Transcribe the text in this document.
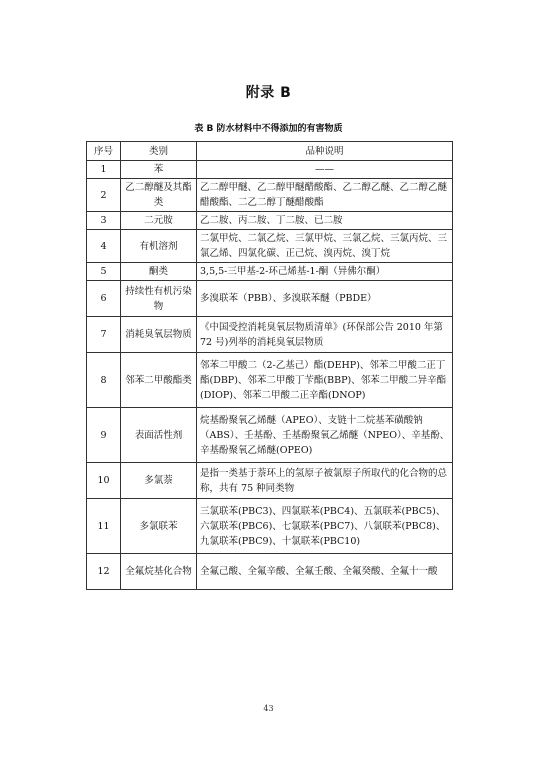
附录 B
表 B 防水材料中不得添加的有害物质
序号	类别	品种说明
1	苯	——
2	乙二醇醚及其酯类	乙二醇甲醚、乙二醇甲醚醋酸酯、乙二醇乙醚、乙二醇乙醚醋酸酯、二乙二醇丁醚醋酸酯
3	二元胺	乙二胺、丙二胺、丁二胺、已二胺
4	有机溶剂	二氯甲烷、二氯乙烷、三氯甲烷、三氯乙烷、三氯丙烷、三氯乙烯、四氯化碳、正己烷、溴丙烷、溴丁烷
5	酮类	3,5,5-三甲基-2-环己烯基-1-酮（异佛尔酮）
6	持续性有机污染物	多溴联苯（PBB）、多溴联苯醚（PBDE）
7	消耗臭氧层物质	《中国受控消耗臭氧层物质清单》(环保部公告 2010 年第 72 号)列举的消耗臭氧层物质
8	邻苯二甲酸酯类	邻苯二甲酸二（2-乙基己）酯(DEHP)、邻苯二甲酸二正丁酯(DBP)、邻苯二甲酸丁苄酯(BBP)、邻苯二甲酸二异辛酯(DIOP)、邻苯二甲酸二正辛酯(DNOP)
9	表面活性剂	烷基酚聚氧乙烯醚（APEO）、支链十二烷基苯磺酸钠（ABS）、壬基酚、壬基酚聚氧乙烯醚（NPEO）、辛基酚、辛基酚聚氧乙烯醚(OPEO)
10	多氯萘	是指一类基于萘环上的氢原子被氯原子所取代的化合物的总称，共有 75 种同类物
11	多氯联苯	三氯联苯(PBC3)、四氯联苯(PBC4)、五氯联苯(PBC5)、六氯联苯(PBC6)、七氯联苯(PBC7)、八氯联苯(PBC8)、九氯联苯(PBC9)、十氯联苯(PBC10)
12	全氟烷基化合物	全氟己酸、全氟辛酸、全氟壬酸、全氟癸酸、全氟十一酸
43
